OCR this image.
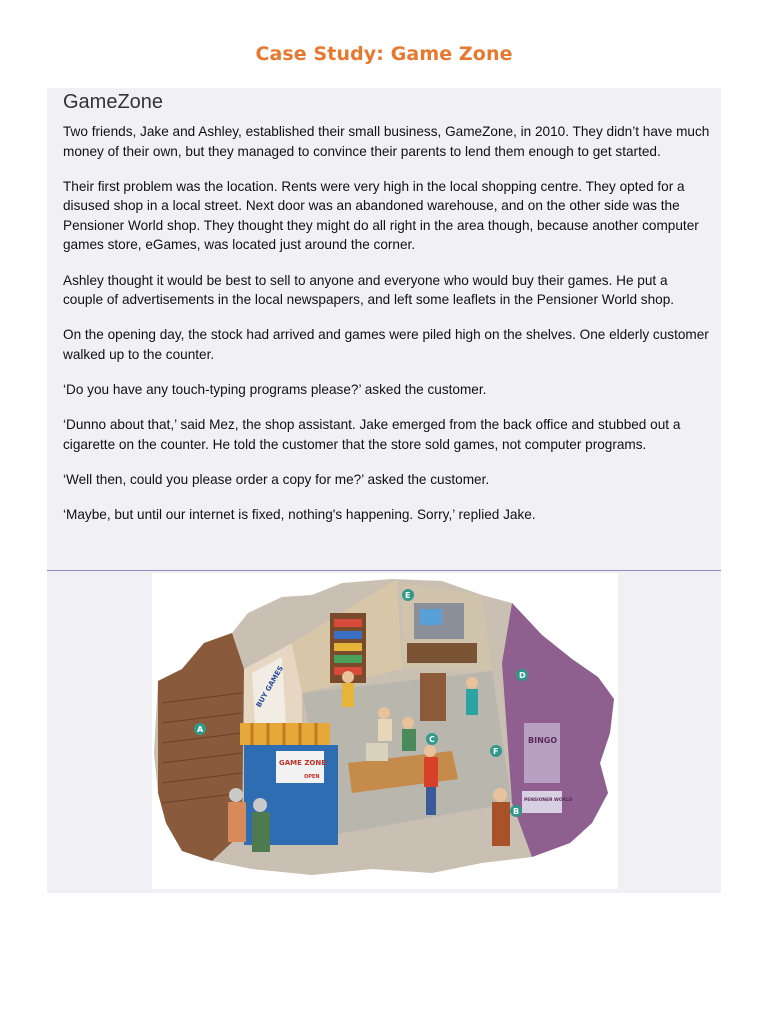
Case Study: Game Zone
GameZone

Two friends, Jake and Ashley, established their small business, GameZone, in 2010. They didn’t have much money of their own, but they managed to convince their parents to lend them enough to get started.

Their first problem was the location. Rents were very high in the local shopping centre. They opted for a disused shop in a local street. Next door was an abandoned warehouse, and on the other side was the Pensioner World shop. They thought they might do all right in the area though, because another computer games store, eGames, was located just around the corner.

Ashley thought it would be best to sell to anyone and everyone who would buy their games. He put a couple of advertisements in the local newspapers, and left some leaflets in the Pensioner World shop.

On the opening day, the stock had arrived and games were piled high on the shelves. One elderly customer walked up to the counter.

‘Do you have any touch-typing programs please?’ asked the customer.

‘Dunno about that,’ said Mez, the shop assistant. Jake emerged from the back office and stubbed out a cigarette on the counter. He told the customer that the store sold games, not computer programs.

‘Well then, could you please order a copy for me?’ asked the customer.

‘Maybe, but until our internet is fixed, nothing's happening. Sorry,’ replied Jake.

BINGO
PENSIONER WORLD
BUY GAMES
GAME ZONE
OPEN
A
B
C
D
E
F
